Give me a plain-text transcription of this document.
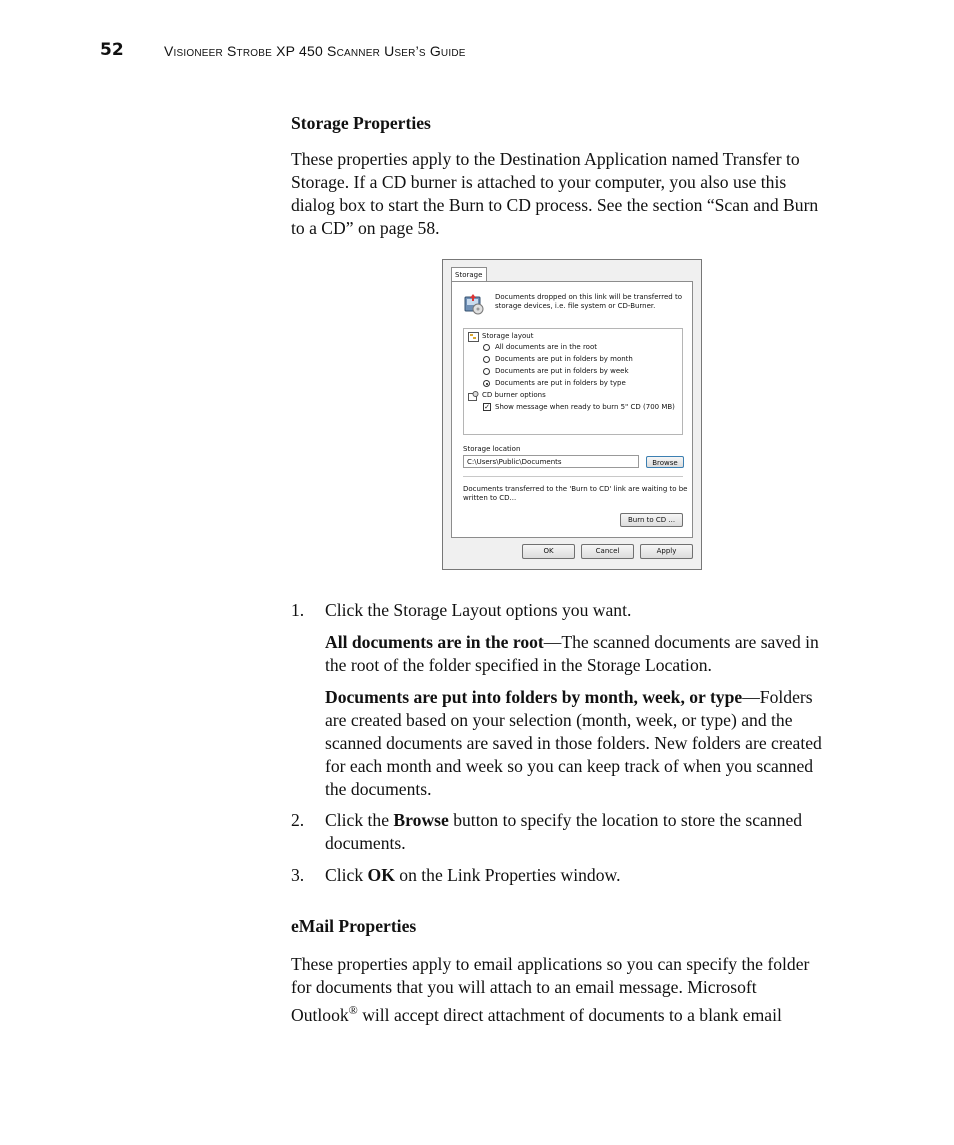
52	Visioneer Strobe XP 450 Scanner User’s Guide
Storage Properties
These properties apply to the Destination Application named Transfer to
Storage. If a CD burner is attached to your computer, you also use this
dialog box to start the Burn to CD process. See the section “Scan and Burn
to a CD” on page 58.
Storage
Documents dropped on this link will be transferred to storage devices, i.e. file system or CD-Burner.
Storage layout
All documents are in the root
Documents are put in folders by month
Documents are put in folders by week
Documents are put in folders by type
CD burner options
✓ Show message when ready to burn 5" CD (700 MB)
Storage location
C:\Users\Public\Documents	Browse
Documents transferred to the 'Burn to CD' link are waiting to be written to CD...
Burn to CD ...
OK	Cancel	Apply
1. Click the Storage Layout options you want.
All documents are in the root—The scanned documents are saved in
the root of the folder specified in the Storage Location.
Documents are put into folders by month, week, or type—Folders
are created based on your selection (month, week, or type) and the
scanned documents are saved in those folders. New folders are created
for each month and week so you can keep track of when you scanned
the documents.
2. Click the Browse button to specify the location to store the scanned
documents.
3. Click OK on the Link Properties window.
eMail Properties
These properties apply to email applications so you can specify the folder
for documents that you will attach to an email message. Microsoft
Outlook® will accept direct attachment of documents to a blank email
